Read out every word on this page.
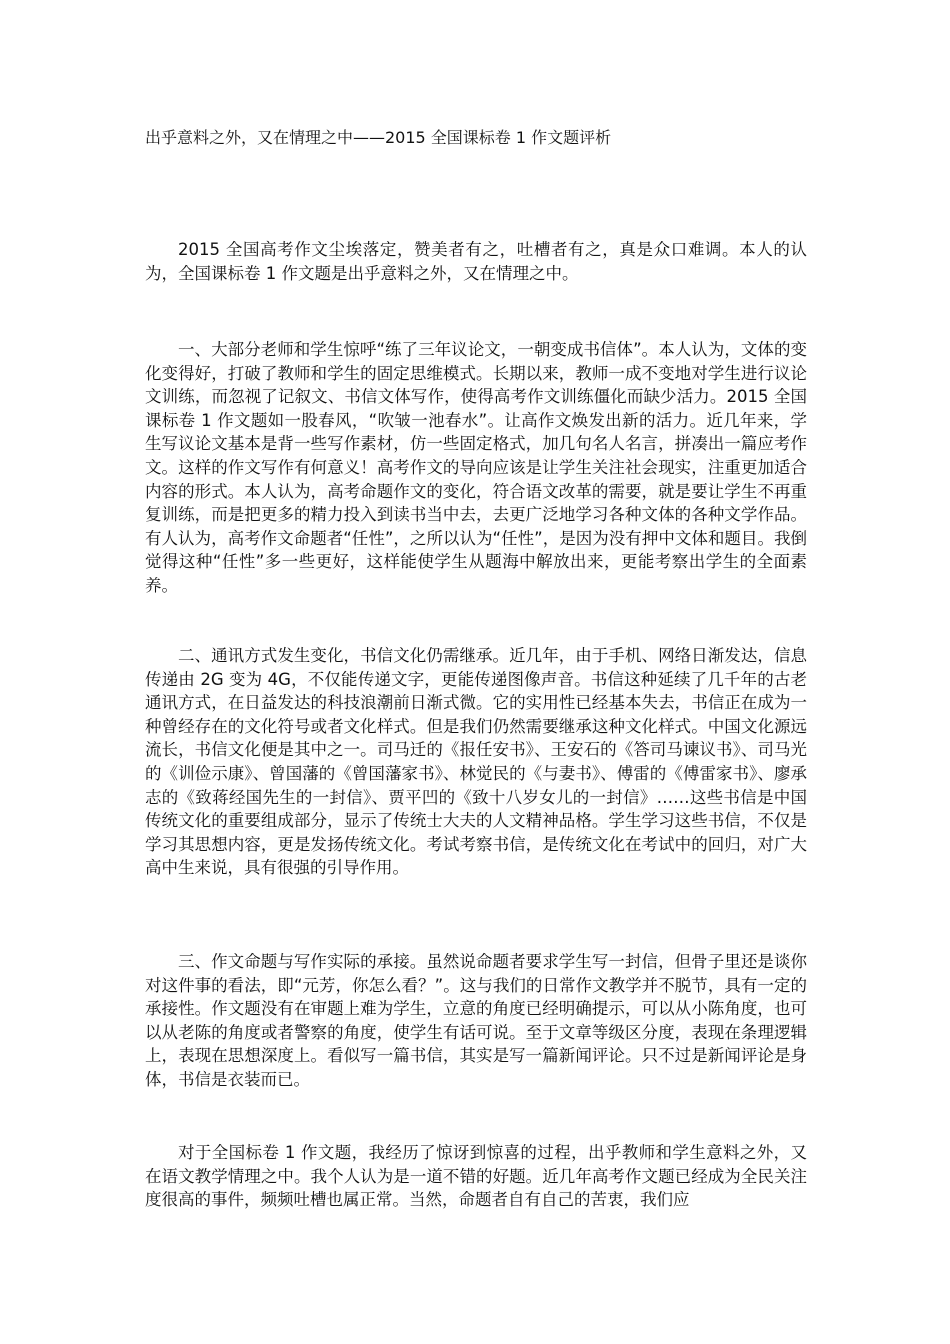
出乎意料之外，又在情理之中——2015 全国课标卷 1 作文题评析

2015 全国高考作文尘埃落定，赞美者有之，吐槽者有之，真是众口难调。本人的认为，全国课标卷 1 作文题是出乎意料之外，又在情理之中。

一、大部分老师和学生惊呼“练了三年议论文，一朝变成书信体”。本人认为，文体的变化变得好，打破了教师和学生的固定思维模式。长期以来，教师一成不变地对学生进行议论文训练，而忽视了记叙文、书信文体写作，使得高考作文训练僵化而缺少活力。2015 全国课标卷 1 作文题如一股春风，“吹皱一池春水”。让高作文焕发出新的活力。近几年来，学生写议论文基本是背一些写作素材，仿一些固定格式，加几句名人名言，拼凑出一篇应考作文。这样的作文写作有何意义！高考作文的导向应该是让学生关注社会现实，注重更加适合内容的形式。本人认为，高考命题作文的变化，符合语文改革的需要，就是要让学生不再重复训练，而是把更多的精力投入到读书当中去，去更广泛地学习各种文体的各种文学作品。有人认为，高考作文命题者“任性”，之所以认为“任性”，是因为没有押中文体和题目。我倒觉得这种“任性”多一些更好，这样能使学生从题海中解放出来，更能考察出学生的全面素养。

二、通讯方式发生变化，书信文化仍需继承。近几年，由于手机、网络日渐发达，信息传递由 2G 变为 4G，不仅能传递文字，更能传递图像声音。书信这种延续了几千年的古老通讯方式，在日益发达的科技浪潮前日渐式微。它的实用性已经基本失去，书信正在成为一种曾经存在的文化符号或者文化样式。但是我们仍然需要继承这种文化样式。中国文化源远流长，书信文化便是其中之一。司马迁的《报任安书》、王安石的《答司马谏议书》、司马光的《训俭示康》、曾国藩的《曾国藩家书》、林觉民的《与妻书》、傅雷的《傅雷家书》、廖承志的《致蒋经国先生的一封信》、贾平凹的《致十八岁女儿的一封信》……这些书信是中国传统文化的重要组成部分，显示了传统士大夫的人文精神品格。学生学习这些书信，不仅是学习其思想内容，更是发扬传统文化。考试考察书信，是传统文化在考试中的回归，对广大高中生来说，具有很强的引导作用。

三、作文命题与写作实际的承接。虽然说命题者要求学生写一封信，但骨子里还是谈你对这件事的看法，即“元芳，你怎么看？”。这与我们的日常作文教学并不脱节，具有一定的承接性。作文题没有在审题上难为学生，立意的角度已经明确提示，可以从小陈角度，也可以从老陈的角度或者警察的角度，使学生有话可说。至于文章等级区分度，表现在条理逻辑上，表现在思想深度上。看似写一篇书信，其实是写一篇新闻评论。只不过是新闻评论是身体，书信是衣装而已。

对于全国标卷 1 作文题，我经历了惊讶到惊喜的过程，出乎教师和学生意料之外，又在语文教学情理之中。我个人认为是一道不错的好题。近几年高考作文题已经成为全民关注度很高的事件，频频吐槽也属正常。当然，命题者自有自己的苦衷，我们应
